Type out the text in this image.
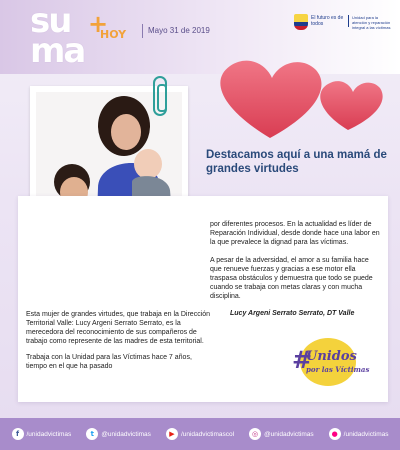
su
ma
+
HOY	Mayo 31 de 2019
El futuro es de todos
Unidad para la atención y reparación integral a las víctimas
Destacamos aquí a una mamá de grandes virtudes

Esta mujer de grandes virtudes, que trabaja en la Dirección Territorial Valle: Lucy Argeni Serrato Serrato, es la merecedora del reconocimiento de sus compañeros de trabajo como represente de las madres de esta territorial.

Trabaja con la Unidad para las Víctimas hace 7 años, tiempo en el que ha pasado

por diferentes procesos. En la actualidad es líder de Reparación Individual, desde donde hace una labor en la que prevalece la dignad para las víctimas.

A pesar de la adversidad, el amor a su familia hace que renueve fuerzas y gracias a ese motor ella traspasa obstáculos y demuestra que todo se puede cuando se trabaja con metas claras y con mucha disciplina.

Lucy Argeni Serrato Serrato, DT Valle
#
Unidos
por las Víctimas
f	/unidadvictimas	t	@unidadvictimas	▶ /unidadvictimascol	◎ @unidadvictimas	● /unidadvictimas
